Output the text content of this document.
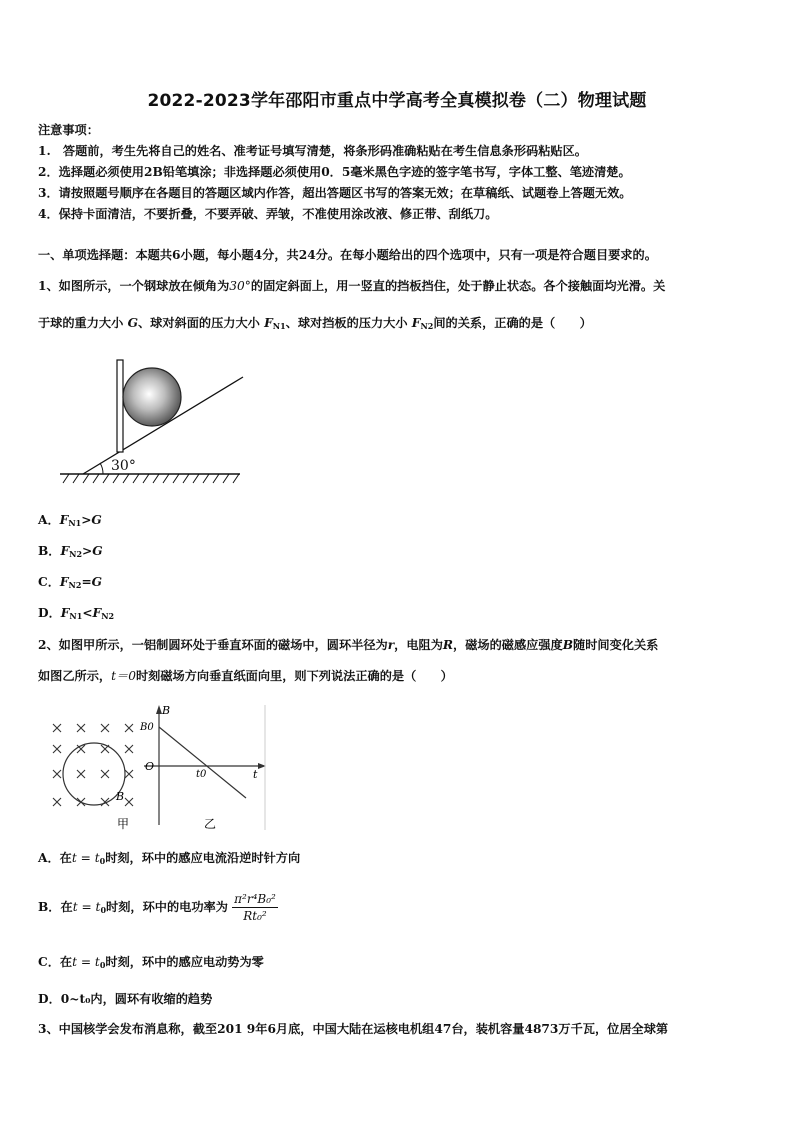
2022-2023学年邵阳市重点中学高考全真模拟卷（二）物理试题
注意事项：
1.　答题前，考生先将自己的姓名、准考证号填写清楚，将条形码准确粘贴在考生信息条形码粘贴区。
2．选择题必须使用2B铅笔填涂；非选择题必须使用0．5毫米黑色字迹的签字笔书写，字体工整、笔迹清楚。
3．请按照题号顺序在各题目的答题区域内作答，超出答题区书写的答案无效；在草稿纸、试题卷上答题无效。
4．保持卡面清洁，不要折叠，不要弄破、弄皱，不准使用涂改液、修正带、刮纸刀。
一、单项选择题：本题共6小题，每小题4分，共24分。在每小题给出的四个选项中，只有一项是符合题目要求的。
1、如图所示，一个钢球放在倾角为30°的固定斜面上，用一竖直的挡板挡住，处于静止状态。各个接触面均光滑。关
于球的重力大小 G、球对斜面的压力大小 $F_{N1}$、球对挡板的压力大小 $F_{N2}$间的关系，正确的是（　　）
30°
A．$F_{N1}>G$
B．$F_{N2}>G$
C．$F_{N2}=G$
D．$F_{N1}<F_{N2}$
2、如图甲所示，一铝制圆环处于垂直环面的磁场中，圆环半径为r，电阻为R，磁场的磁感应强度B随时间变化关系
如图乙所示，t＝0时刻磁场方向垂直纸面向里，则下列说法正确的是（　　）
B
甲
B
B0
t
O
t0
乙
A．在$t = t_0$时刻，环中的感应电流沿逆时针方向
B．在$t = t_0$时刻，环中的电功率为 $\frac{\text{π²r⁴B₀²}}{\text{Rt₀²}}$
C．在$t = t_0$时刻，环中的感应电动势为零
D．0~t₀内，圆环有收缩的趋势
3、中国核学会发布消息称，截至201 9年6月底，中国大陆在运核电机组47台，装机容量4873万千瓦，位居全球第
